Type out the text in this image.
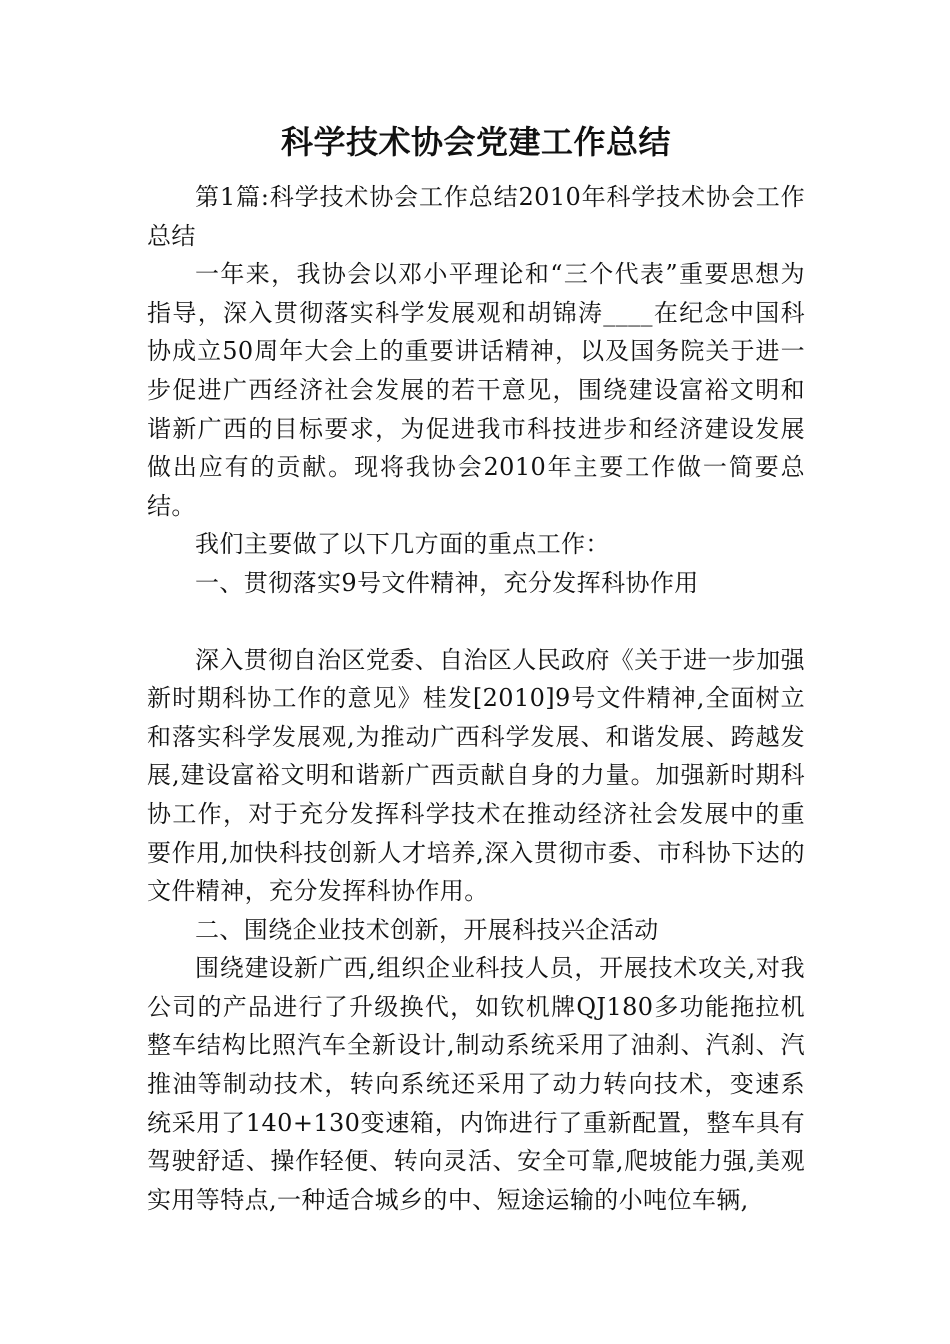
科学技术协会党建工作总结

第1篇:科学技术协会工作总结2010年科学技术协会工作总结

一年来，我协会以邓小平理论和“三个代表”重要思想为指导，深入贯彻落实科学发展观和胡锦涛____在纪念中国科协成立50周年大会上的重要讲话精神，以及国务院关于进一步促进广西经济社会发展的若干意见，围绕建设富裕文明和谐新广西的目标要求，为促进我市科技进步和经济建设发展做出应有的贡献。现将我协会2010年主要工作做一简要总结。

我们主要做了以下几方面的重点工作：

一、贯彻落实9号文件精神，充分发挥科协作用

深入贯彻自治区党委、自治区人民政府《关于进一步加强新时期科协工作的意见》桂发[2010]9号文件精神,全面树立和落实科学发展观,为推动广西科学发展、和谐发展、跨越发展,建设富裕文明和谐新广西贡献自身的力量。加强新时期科协工作，对于充分发挥科学技术在推动经济社会发展中的重要作用,加快科技创新人才培养,深入贯彻市委、市科协下达的文件精神，充分发挥科协作用。

二、围绕企业技术创新，开展科技兴企活动

围绕建设新广西,组织企业科技人员，开展技术攻关,对我公司的产品进行了升级换代，如钦机牌QJ180多功能拖拉机整车结构比照汽车全新设计,制动系统采用了油刹、汽刹、汽推油等制动技术，转向系统还采用了动力转向技术，变速系统采用了140+130变速箱，内饰进行了重新配置，整车具有驾驶舒适、操作轻便、转向灵活、安全可靠,爬坡能力强,美观实用等特点,一种适合城乡的中、短途运输的小吨位车辆,
